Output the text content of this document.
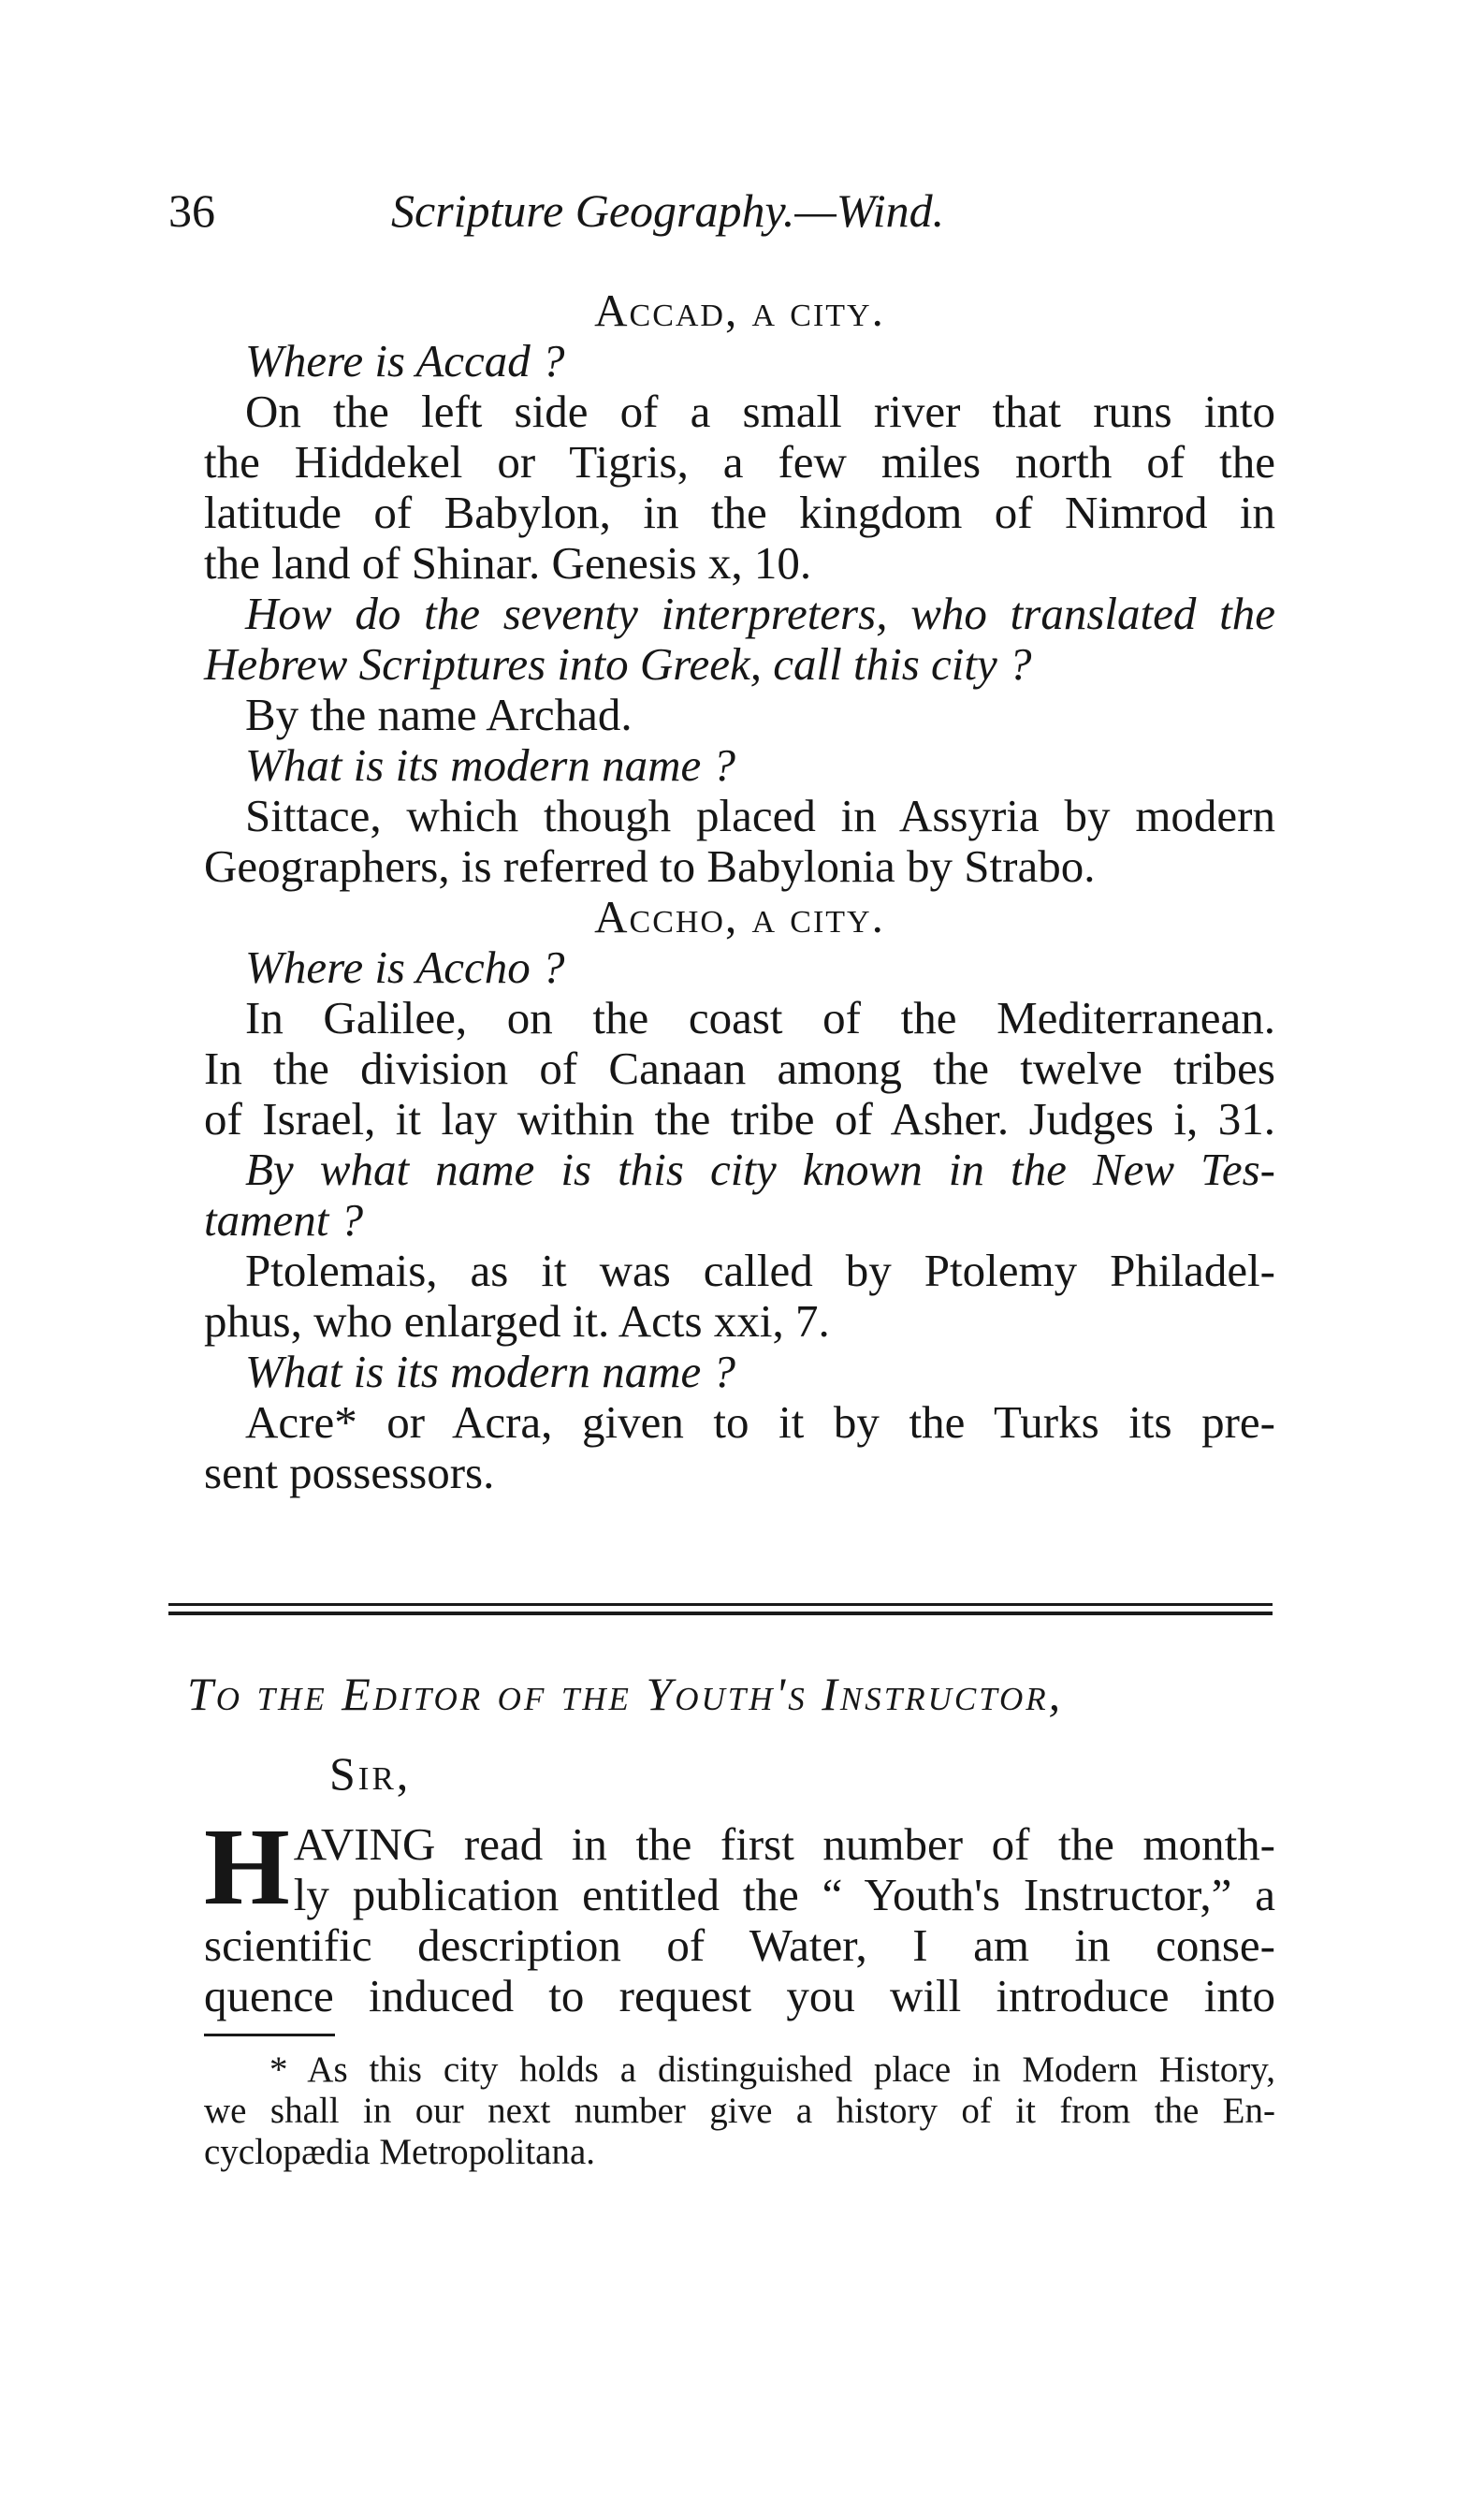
36	Scripture Geography.—Wind.
Accad, a city.
Where is Accad ?
On the left side of a small river that runs into
the Hiddekel or Tigris, a few miles north of the
latitude of Babylon, in the kingdom of Nimrod in
the land of Shinar. Genesis x, 10.
How do the seventy interpreters, who translated the
Hebrew Scriptures into Greek, call this city ?
By the name Archad.
What is its modern name ?
Sittace, which though placed in Assyria by modern
Geographers, is referred to Babylonia by Strabo.
Accho, a city.
Where is Accho ?
In Galilee, on the coast of the Mediterranean.
In the division of Canaan among the twelve tribes
of Israel, it lay within the tribe of Asher. Judges i, 31.
By what name is this city known in the New Tes-
tament ?
Ptolemais, as it was called by Ptolemy Philadel-
phus, who enlarged it. Acts xxi, 7.
What is its modern name ?
Acre* or Acra, given to it by the Turks its pre-
sent possessors.
To the Editor of the Youth's Instructor,
Sir,
H AVING read in the first number of the month-
ly publication entitled the “ Youth's Instructor,” a
scientific description of Water, I am in conse-
quence induced to request you will introduce into
* As this city holds a distinguished place in Modern History,
we shall in our next number give a history of it from the En-
cyclopædia Metropolitana.
